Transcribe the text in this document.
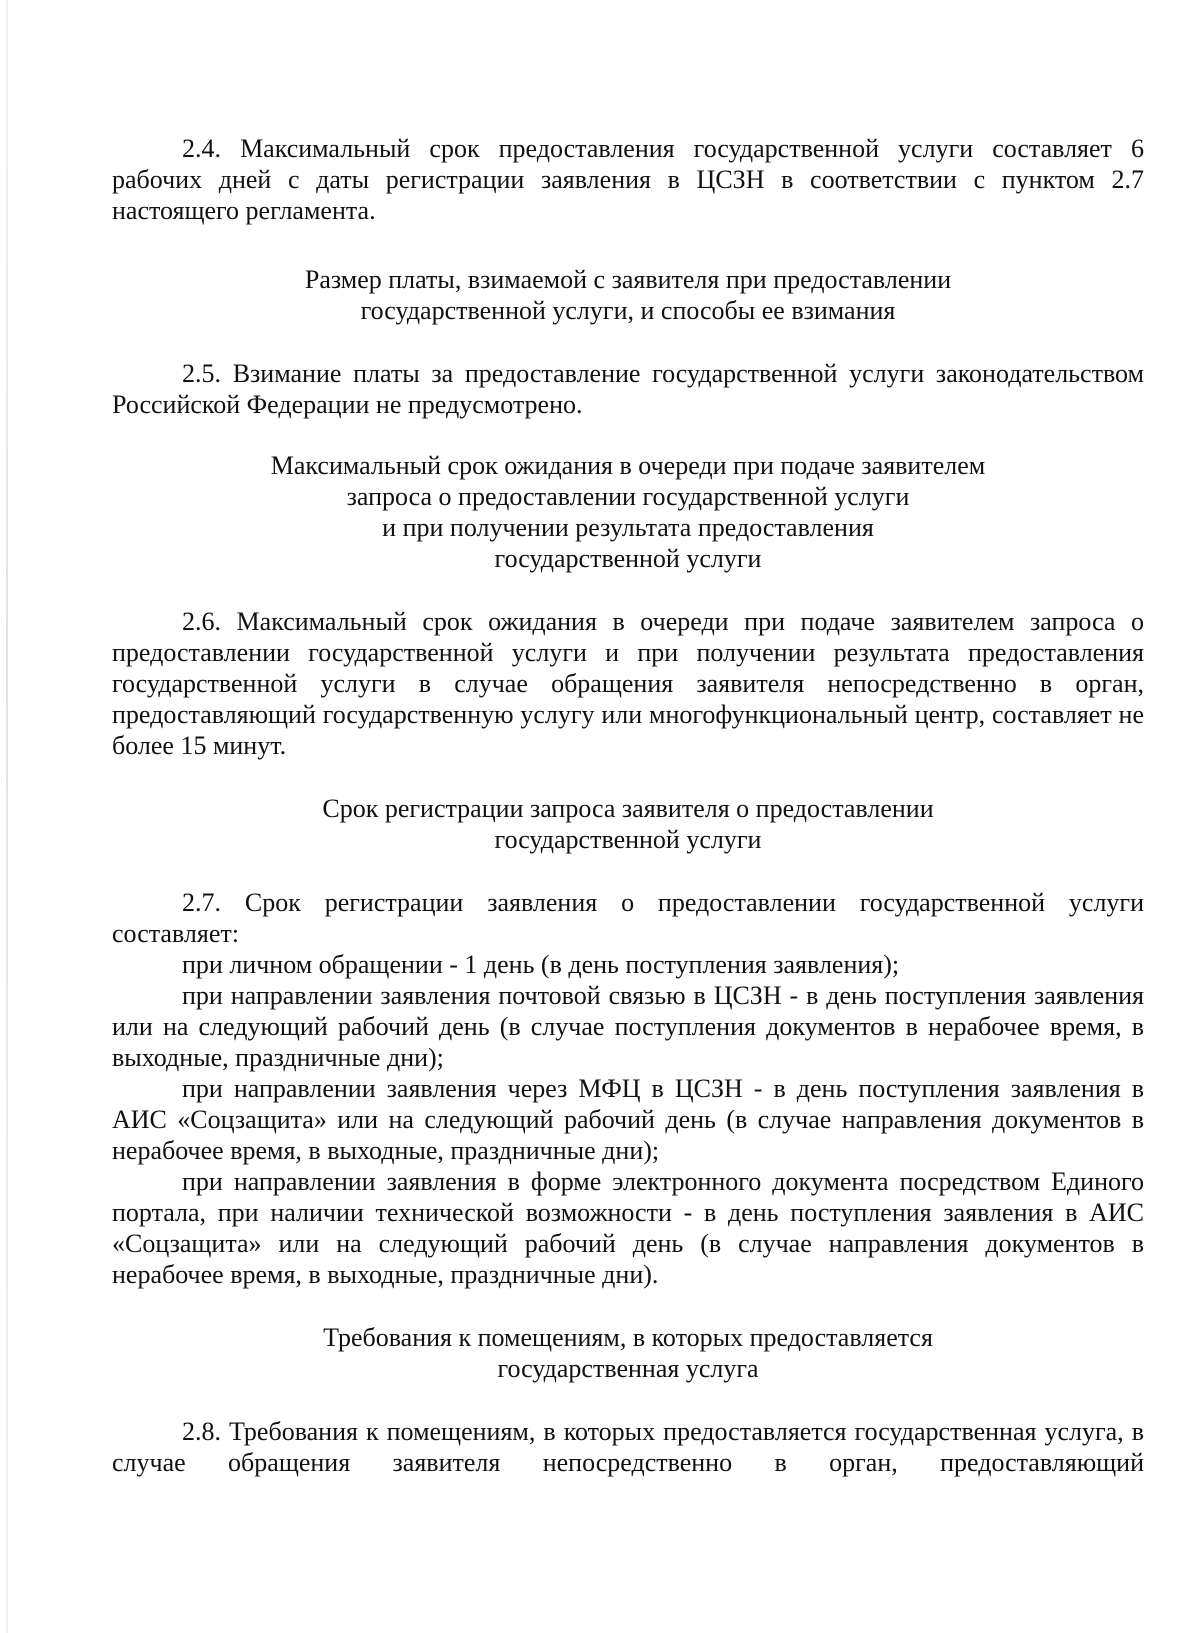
2.4. Максимальный срок предоставления государственной услуги составляет 6 рабочих дней с даты регистрации заявления в ЦСЗН в соответствии с пунктом 2.7 настоящего регламента.

Размер платы, взимаемой с заявителя при предоставлении
государственной услуги, и способы ее взимания

2.5. Взимание платы за предоставление государственной услуги законодательством Российской Федерации не предусмотрено.

Максимальный срок ожидания в очереди при подаче заявителем
запроса о предоставлении государственной услуги
и при получении результата предоставления
государственной услуги

2.6. Максимальный срок ожидания в очереди при подаче заявителем запроса о предоставлении государственной услуги и при получении результата предоставления государственной услуги в случае обращения заявителя непосредственно в орган, предоставляющий государственную услугу или многофункциональный центр, составляет не более 15 минут.

Срок регистрации запроса заявителя о предоставлении
государственной услуги

2.7. Срок регистрации заявления о предоставлении государственной услуги составляет:

при личном обращении - 1 день (в день поступления заявления);

при направлении заявления почтовой связью в ЦСЗН - в день поступления заявления или на следующий рабочий день (в случае поступления документов в нерабочее время, в выходные, праздничные дни);

при направлении заявления через МФЦ в ЦСЗН - в день поступления заявления в АИС «Соцзащита» или на следующий рабочий день (в случае направления документов в нерабочее время, в выходные, праздничные дни);

при направлении заявления в форме электронного документа посредством Единого портала, при наличии технической возможности - в день поступления заявления в АИС «Соцзащита» или на следующий рабочий день (в случае направления документов в нерабочее время, в выходные, праздничные дни).

Требования к помещениям, в которых предоставляется
государственная услуга

2.8. Требования к помещениям, в которых предоставляется государственная услуга, в случае обращения заявителя непосредственно в орган, предоставляющий
